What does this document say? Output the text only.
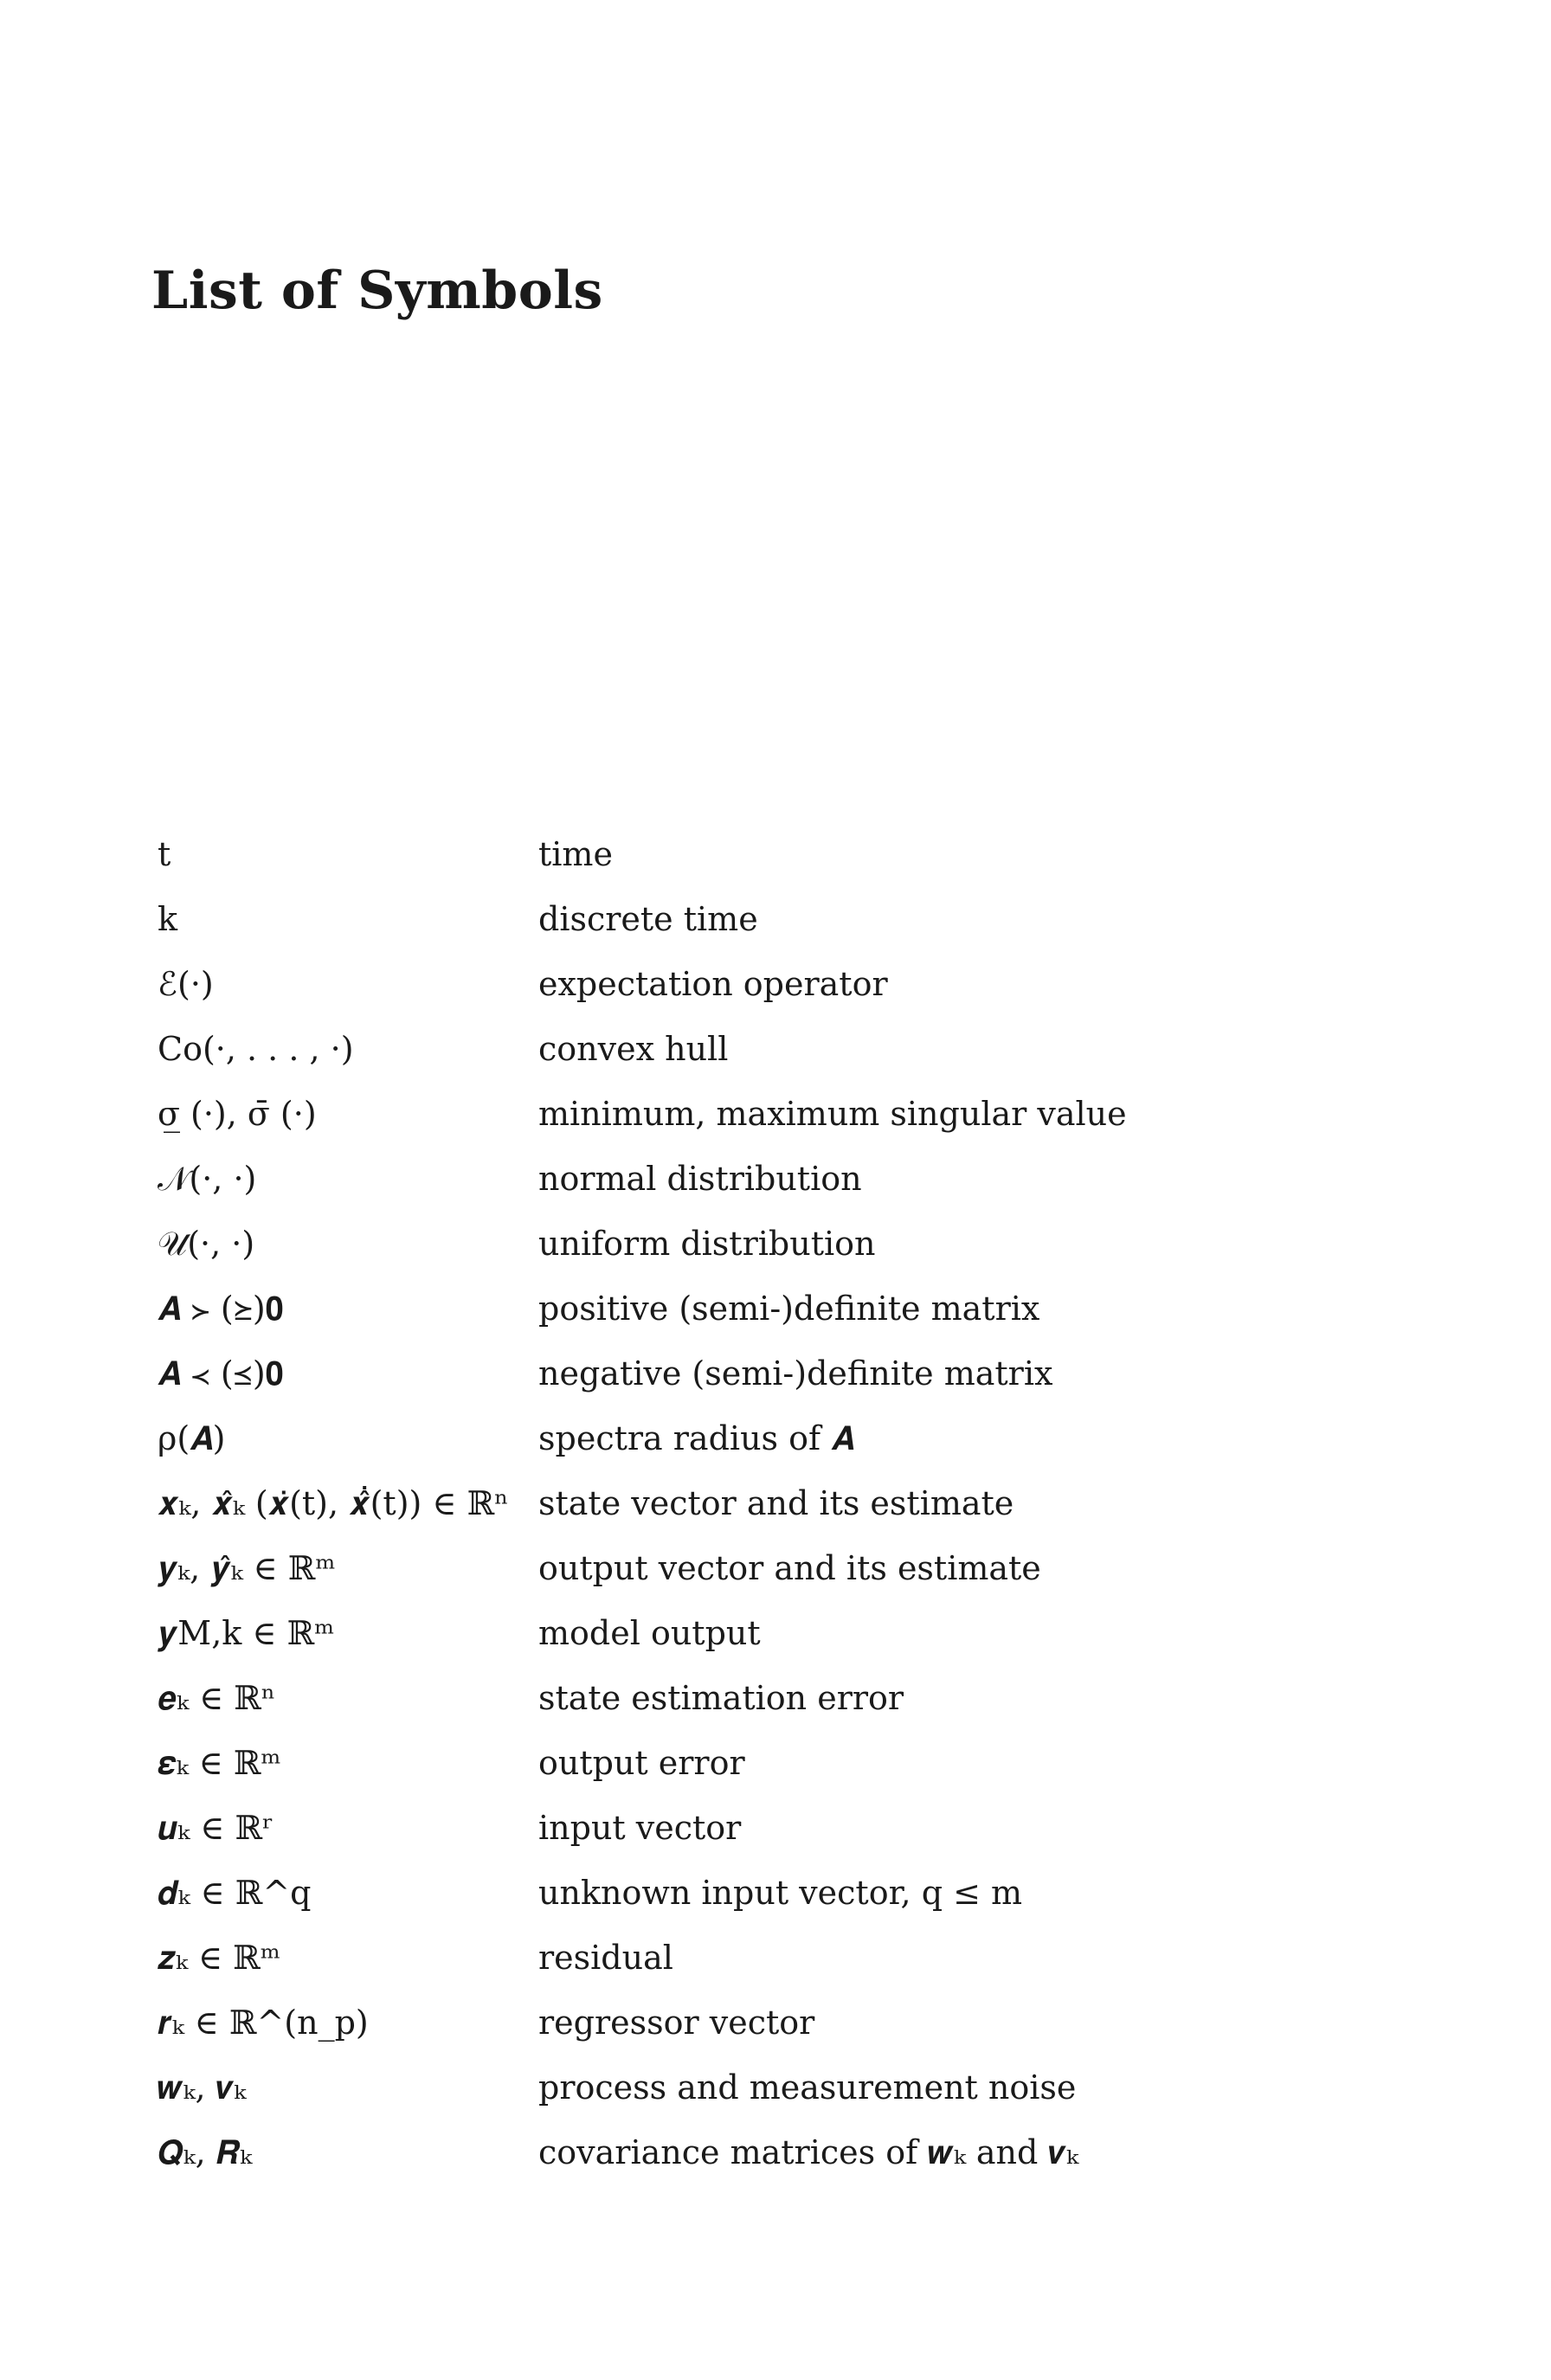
List of Symbols
t	time
k	discrete time
ℰ(·)	expectation operator
Co(·, . . . , ·)	convex hull
σ̲ (·), σ̄ (·)	minimum, maximum singular value
𝒩(·, ·)	normal distribution
𝒰(·, ·)	uniform distribution
𝑨 ≻ (⪰)𝟎	positive (semi-)definite matrix
𝑨 ≺ (⪯)𝟎	negative (semi-)definite matrix
ρ(𝑨)	spectra radius of 𝑨
𝒙ₖ, 𝒙̂ₖ (𝒙̇(t), 𝒙̂̇(t)) ∈ ℝⁿ state vector and its estimate
𝒚ₖ, 𝒚̂ₖ ∈ ℝᵐ	output vector and its estimate
𝒚M,k ∈ ℝᵐ	model output
𝒆ₖ ∈ ℝⁿ	state estimation error
𝜺ₖ ∈ ℝᵐ	output error
𝒖ₖ ∈ ℝʳ	input vector
𝒅ₖ ∈ ℝ^q	unknown input vector, q ≤ m
𝒛ₖ ∈ ℝᵐ	residual
𝒓ₖ ∈ ℝ^(n_p)	regressor vector
𝒘ₖ, 𝒗ₖ	process and measurement noise
𝑸ₖ, 𝑹ₖ	covariance matrices of 𝒘ₖ and 𝒗ₖ
